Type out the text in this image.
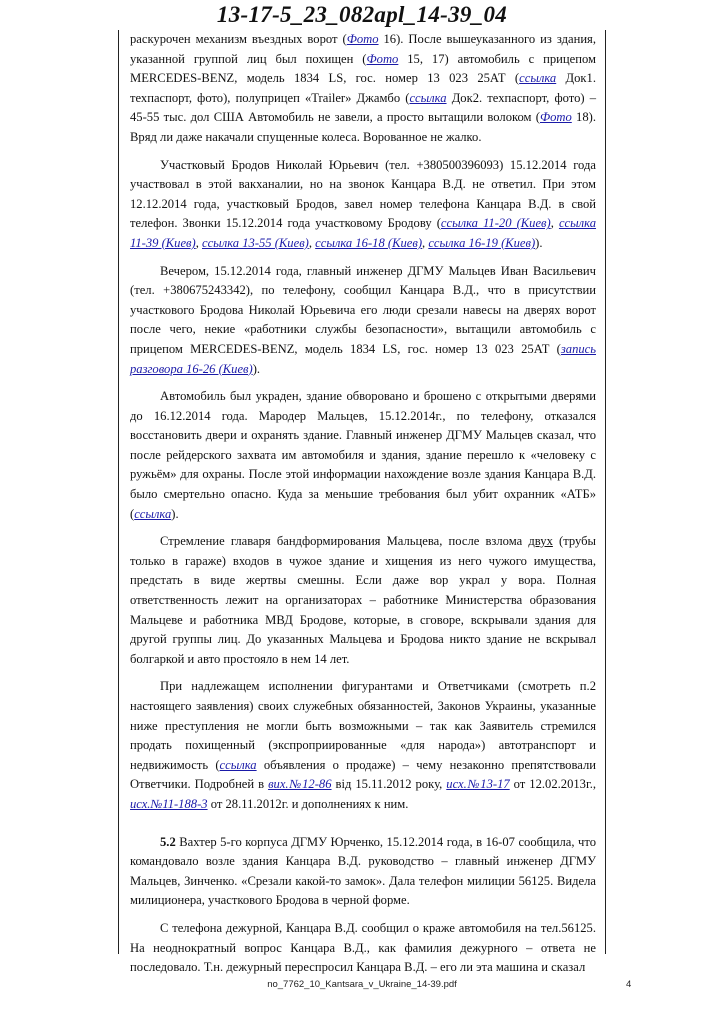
13-17-5_23_082apl_14-39_04

раскурочен механизм въездных ворот (Фото 16). После вышеуказанного из здания, указанной группой лиц был похищен (Фото 15, 17) автомобиль с прицепом MERCEDES-BENZ, модель 1834 LS, гос. номер 13 023 25АТ (ссылка Док1. техпаспорт, фото), полуприцеп «Trailer» Джамбо (ссылка Док2. техпаспорт, фото) – 45-55 тыс. дол США Автомобиль не завели, а просто вытащили волоком (Фото 18). Вряд ли даже накачали спущенные колеса. Ворованное не жалко.

Участковый Бродов Николай Юрьевич (тел. +380500396093) 15.12.2014 года участвовал в этой вакханалии, но на звонок Канцара В.Д. не ответил. При этом 12.12.2014 года, участковый Бродов, завел номер телефона Канцара В.Д. в свой телефон. Звонки 15.12.2014 года участковому Бродову (ссылка 11-20 (Киев), ссылка 11-39 (Киев), ссылка 13-55 (Киев), ссылка 16-18 (Киев), ссылка 16-19 (Киев)).

Вечером, 15.12.2014 года, главный инженер ДГМУ Мальцев Иван Васильевич (тел. +380675243342), по телефону, сообщил Канцара В.Д., что в присутствии участкового Бродова Николай Юрьевича его люди срезали навесы на дверях ворот после чего, некие «работники службы безопасности», вытащили автомобиль с прицепом MERCEDES-BENZ, модель 1834 LS, гос. номер 13 023 25АТ (запись разговора 16-26 (Киев)).

Автомобиль был украден, здание обворовано и брошено с открытыми дверями до 16.12.2014 года. Мародер Мальцев, 15.12.2014г., по телефону, отказался восстановить двери и охранять здание. Главный инженер ДГМУ Мальцев сказал, что после рейдерского захвата им автомобиля и здания, здание перешло к «человеку с ружьём» для охраны. После этой информации нахождение возле здания Канцара В.Д. было смертельно опасно. Куда за меньшие требования был убит охранник «АТБ» (ссылка).

Стремление главаря бандформирования Мальцева, после взлома двух (трубы только в гараже) входов в чужое здание и хищения из него чужого имущества, предстать в виде жертвы смешны. Если даже вор украл у вора. Полная ответственность лежит на организаторах – работнике Министерства образования Мальцеве и работника МВД Бродове, которые, в сговоре, вскрывали здания для другой группы лиц. До указанных Мальцева и Бродова никто здание не вскрывал болгаркой и авто простояло в нем 14 лет.

При надлежащем исполнении фигурантами и Ответчиками (смотреть п.2 настоящего заявления) своих служебных обязанностей, Законов Украины, указанные ниже преступления не могли быть возможными – так как Заявитель стремился продать похищенный (экспроприированные «для народа») автотранспорт и недвижимость (ссылка объявления о продаже) – чему незаконно препятствовали Ответчики. Подробней в вих.№12-86 від 15.11.2012 року, исх.№13-17 от 12.02.2013г., исх.№11-188-3 от 28.11.2012г. и дополнениях к ним.

5.2 Вахтер 5-го корпуса ДГМУ Юрченко, 15.12.2014 года, в 16-07 сообщила, что командовало возле здания Канцара В.Д. руководство – главный инженер ДГМУ Мальцев, Зинченко. «Срезали какой-то замок». Дала телефон милиции 56125. Видела милиционера, участкового Бродова в черной форме.

С телефона дежурной, Канцара В.Д. сообщил о краже автомобиля на тел.56125. На неоднократный вопрос Канцара В.Д., как фамилия дежурного – ответа не последовало. Т.н. дежурный переспросил Канцара В.Д. – его ли эта машина и сказал

no_7762_10_Kantsara_v_Ukraine_14-39.pdf	4
